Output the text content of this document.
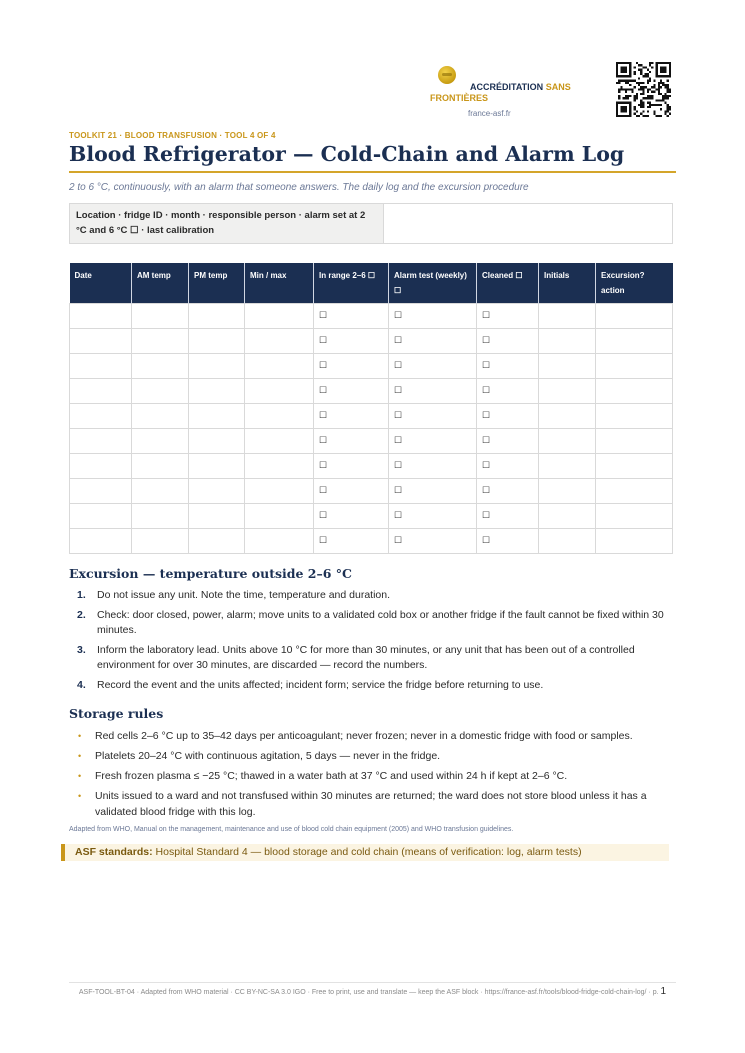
ACCRÉDITATION SANS FRONTIÈRES
france-asf.fr
TOOLKIT 21 · BLOOD TRANSFUSION · TOOL 4 OF 4
Blood Refrigerator — Cold-Chain and Alarm Log
2 to 6 °C, continuously, with an alarm that someone answers. The daily log and the excursion procedure
Location · fridge ID · month · responsible person · alarm set at 2 °C and 6 °C ☐ · last calibration
Date	AM temp	PM temp	Min / max	In range 2–6 ☐	Alarm test (weekly) ☐	Cleaned ☐	Initials	Excursion? action
				☐	☐	☐		
				☐	☐	☐		
				☐	☐	☐		
				☐	☐	☐		
				☐	☐	☐		
				☐	☐	☐		
				☐	☐	☐		
				☐	☐	☐		
				☐	☐	☐		
				☐	☐	☐		
Excursion — temperature outside 2–6 °C
1.	Do not issue any unit. Note the time, temperature and duration.
2.	Check: door closed, power, alarm; move units to a validated cold box or another fridge if the fault cannot be fixed within 30 minutes.
3.	Inform the laboratory lead. Units above 10 °C for more than 30 minutes, or any unit that has been out of a controlled environment for over 30 minutes, are discarded — record the numbers.
4.	Record the event and the units affected; incident form; service the fridge before returning to use.
Storage rules
•	Red cells 2–6 °C up to 35–42 days per anticoagulant; never frozen; never in a domestic fridge with food or samples.
•	Platelets 20–24 °C with continuous agitation, 5 days — never in the fridge.
•	Fresh frozen plasma ≤ −25 °C; thawed in a water bath at 37 °C and used within 24 h if kept at 2–6 °C.
•	Units issued to a ward and not transfused within 30 minutes are returned; the ward does not store blood unless it has a validated blood fridge with this log.
Adapted from WHO, Manual on the management, maintenance and use of blood cold chain equipment (2005) and WHO transfusion guidelines.
ASF standards: Hospital Standard 4 — blood storage and cold chain (means of verification: log, alarm tests)
ASF-TOOL-BT-04 · Adapted from WHO material · CC BY-NC-SA 3.0 IGO · Free to print, use and translate — keep the ASF block · https://france-asf.fr/tools/blood-fridge-cold-chain-log/ · p. 1
